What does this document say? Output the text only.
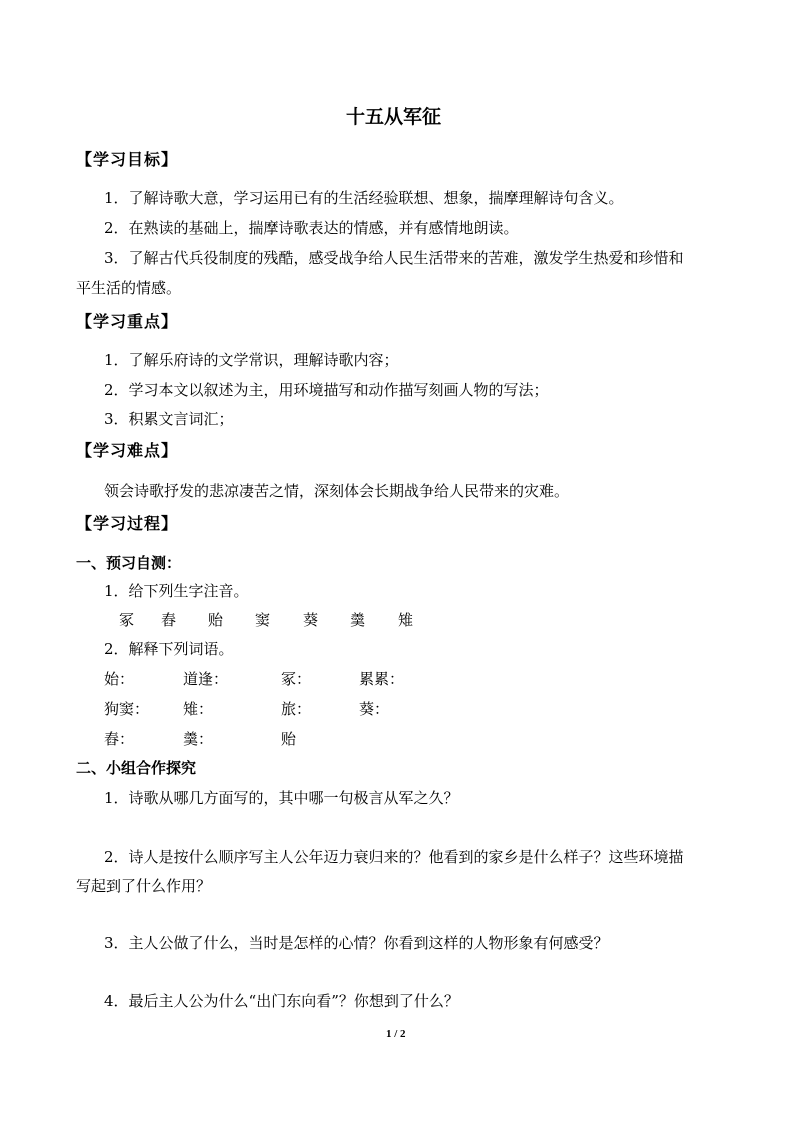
十五从军征
【学习目标】
1．了解诗歌大意，学习运用已有的生活经验联想、想象，揣摩理解诗句含义。
2．在熟读的基础上，揣摩诗歌表达的情感，并有感情地朗读。
3．了解古代兵役制度的残酷，感受战争给人民生活带来的苦难，激发学生热爱和珍惜和
平生活的情感。
【学习重点】
1．了解乐府诗的文学常识，理解诗歌内容；
2．学习本文以叙述为主，用环境描写和动作描写刻画人物的写法；
3．积累文言词汇；
【学习难点】
领会诗歌抒发的悲凉凄苦之情，深刻体会长期战争给人民带来的灾难。
【学习过程】
一、预习自测：
1．给下列生字注音。
冢 舂 贻 窦 葵 羹 雉
2．解释下列词语。
始：	道逢：	冢：	累累：
狗窦： 雉：	旅：	葵：
舂：	羹：	贻
二、小组合作探究
1．诗歌从哪几方面写的，其中哪一句极言从军之久？
2．诗人是按什么顺序写主人公年迈力衰归来的？他看到的家乡是什么样子？这些环境描
写起到了什么作用？
3．主人公做了什么，当时是怎样的心情？你看到这样的人物形象有何感受？
4．最后主人公为什么“出门东向看”？你想到了什么？
1 / 2
